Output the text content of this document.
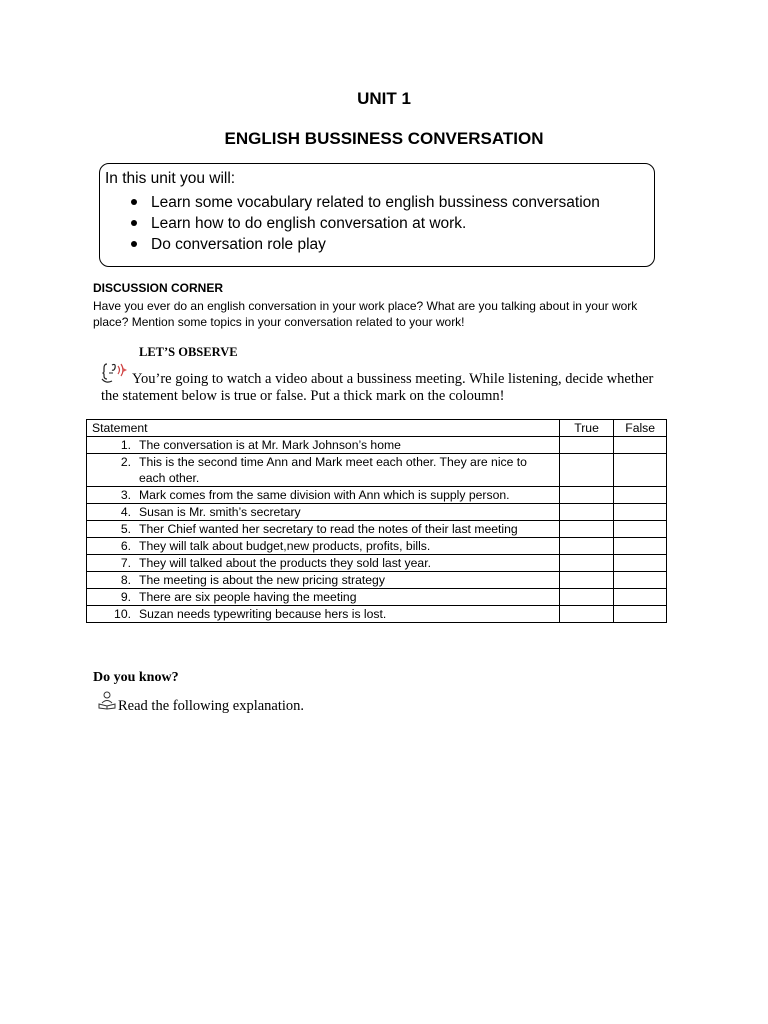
UNIT 1
ENGLISH BUSSINESS CONVERSATION

In this unit you will:

Learn some vocabulary related to english bussiness conversation
Learn how to do english conversation at work.
Do conversation role play
DISCUSSION CORNER
Have you ever do an english conversation in your work place? What are you talking about in your work place? Mention some topics in your conversation related to your work!
LET’S OBSERVE
You’re going to watch a video about a bussiness meeting. While listening, decide whether the statement below is true or false. Put a thick mark on the coloumn!
Statement	True	False

1. The conversation is at Mr. Mark Johnson’s home		

2. This is the second time Ann and Mark meet each other. They are nice to each other.		

3. Mark comes from the same division with Ann which is supply person.		

4. Susan is Mr. smith’s secretary		

5. Ther Chief wanted her secretary to read the notes of their last meeting		

6. They will talk about budget,new products, profits, bills.		

7. They will talked about the products they sold last year.		

8. The meeting is about the new pricing strategy		

9. There are six people having the meeting		

10. Suzan needs typewriting because hers is lost.		

Do you know?
Read the following explanation.
